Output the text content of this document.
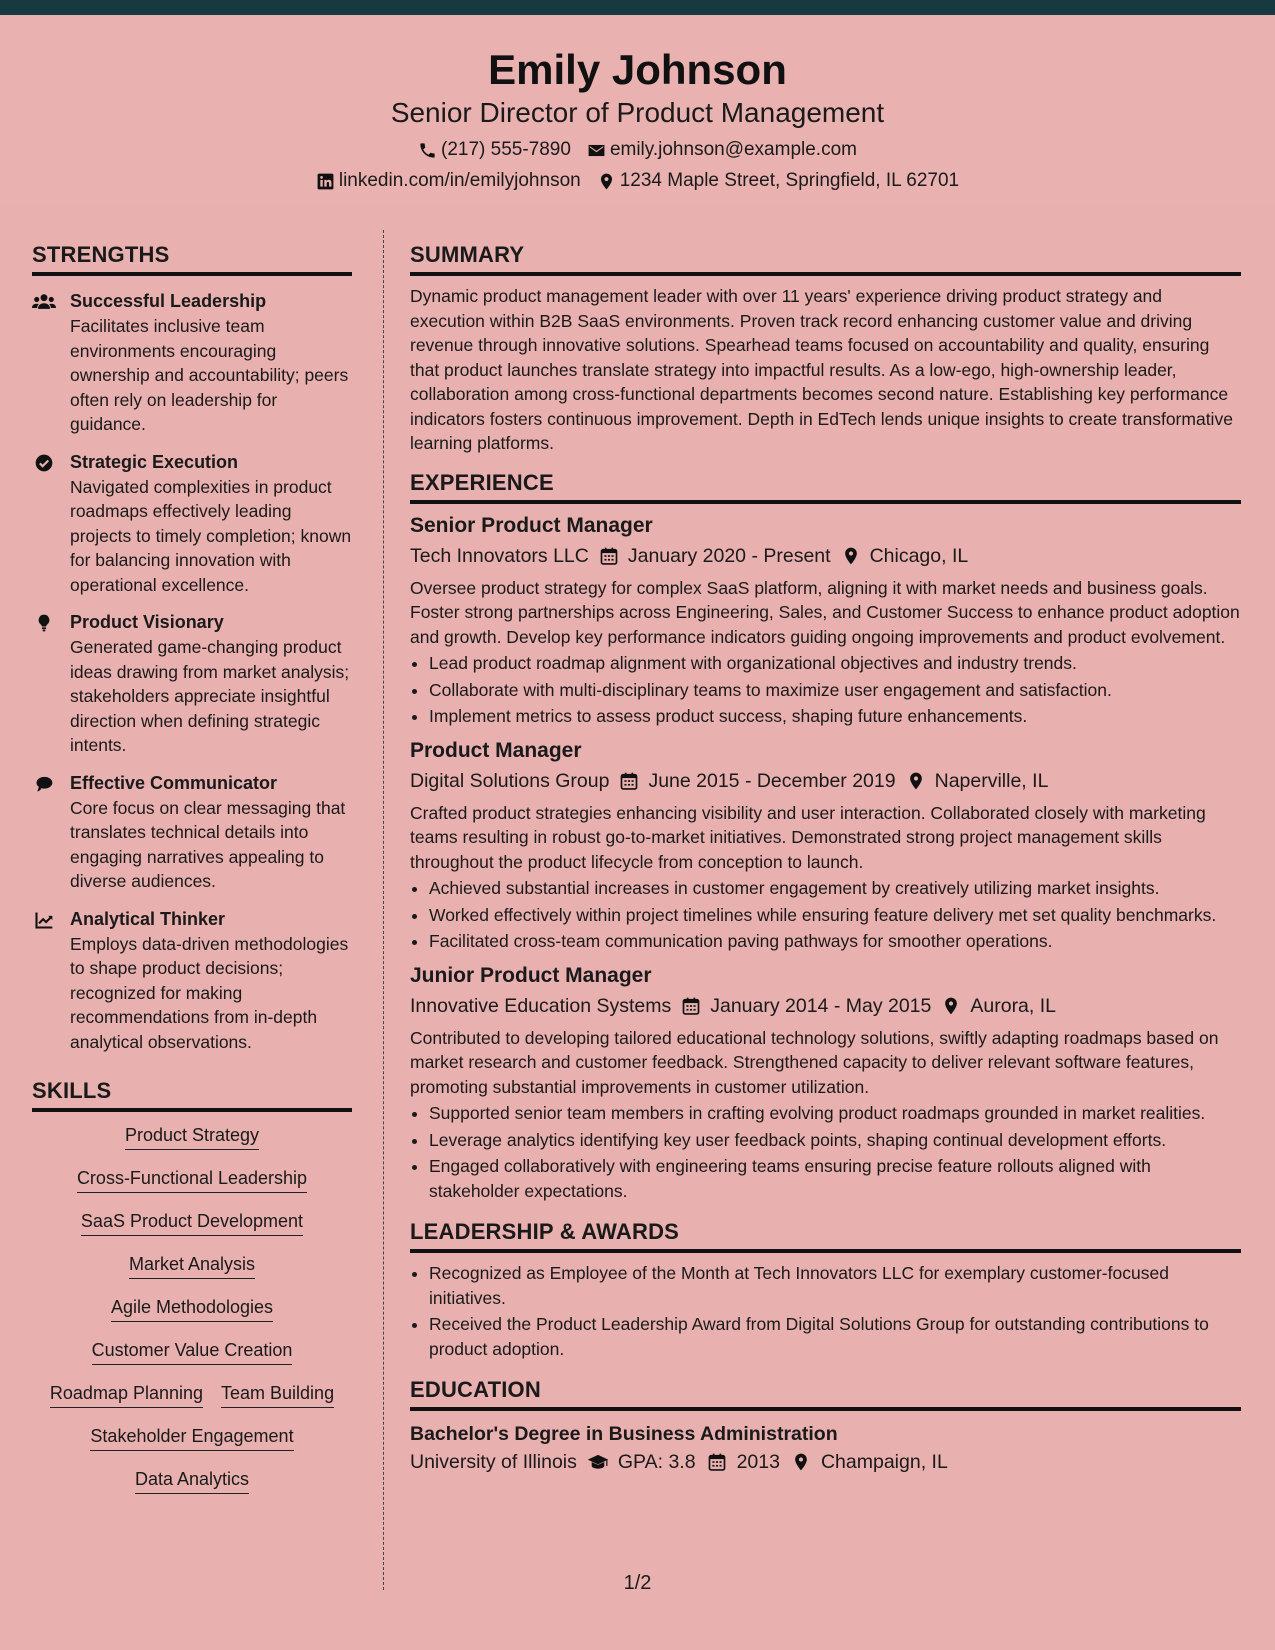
Emily Johnson
Senior Director of Product Management
(217) 555-7890 emily.johnson@example.com
linkedin.com/in/emilyjohnson 1234 Maple Street, Springfield, IL 62701
STRENGTHS
Successful Leadership
Facilitates inclusive team environments encouraging ownership and accountability; peers often rely on leadership for guidance.
Strategic Execution
Navigated complexities in product roadmaps effectively leading projects to timely completion; known for balancing innovation with operational excellence.
Product Visionary
Generated game-changing product ideas drawing from market analysis; stakeholders appreciate insightful direction when defining strategic intents.
Effective Communicator
Core focus on clear messaging that translates technical details into engaging narratives appealing to diverse audiences.
Analytical Thinker
Employs data-driven methodologies to shape product decisions; recognized for making recommendations from in-depth analytical observations.
SKILLS
Product Strategy
Cross-Functional Leadership
SaaS Product Development
Market Analysis
Agile Methodologies
Customer Value Creation
Roadmap Planning Team Building
Stakeholder Engagement
Data Analytics
SUMMARY
Dynamic product management leader with over 11 years' experience driving product strategy and execution within B2B SaaS environments. Proven track record enhancing customer value and driving revenue through innovative solutions. Spearhead teams focused on accountability and quality, ensuring that product launches translate strategy into impactful results. As a low-ego, high-ownership leader, collaboration among cross-functional departments becomes second nature. Establishing key performance indicators fosters continuous improvement. Depth in EdTech lends unique insights to create transformative learning platforms.
EXPERIENCE
Senior Product Manager
Tech Innovators LLC January 2020 - Present Chicago, IL
Oversee product strategy for complex SaaS platform, aligning it with market needs and business goals. Foster strong partnerships across Engineering, Sales, and Customer Success to enhance product adoption and growth. Develop key performance indicators guiding ongoing improvements and product evolvement.
• Lead product roadmap alignment with organizational objectives and industry trends.
• Collaborate with multi-disciplinary teams to maximize user engagement and satisfaction.
• Implement metrics to assess product success, shaping future enhancements.
Product Manager
Digital Solutions Group June 2015 - December 2019 Naperville, IL
Crafted product strategies enhancing visibility and user interaction. Collaborated closely with marketing teams resulting in robust go-to-market initiatives. Demonstrated strong project management skills throughout the product lifecycle from conception to launch.
• Achieved substantial increases in customer engagement by creatively utilizing market insights.
• Worked effectively within project timelines while ensuring feature delivery met set quality benchmarks.
• Facilitated cross-team communication paving pathways for smoother operations.
Junior Product Manager
Innovative Education Systems January 2014 - May 2015 Aurora, IL
Contributed to developing tailored educational technology solutions, swiftly adapting roadmaps based on market research and customer feedback. Strengthened capacity to deliver relevant software features, promoting substantial improvements in customer utilization.
• Supported senior team members in crafting evolving product roadmaps grounded in market realities.
• Leverage analytics identifying key user feedback points, shaping continual development efforts.
• Engaged collaboratively with engineering teams ensuring precise feature rollouts aligned with stakeholder expectations.
LEADERSHIP & AWARDS
• Recognized as Employee of the Month at Tech Innovators LLC for exemplary customer-focused initiatives.
• Received the Product Leadership Award from Digital Solutions Group for outstanding contributions to product adoption.
EDUCATION
Bachelor's Degree in Business Administration
University of Illinois GPA: 3.8 2013 Champaign, IL
1/2
